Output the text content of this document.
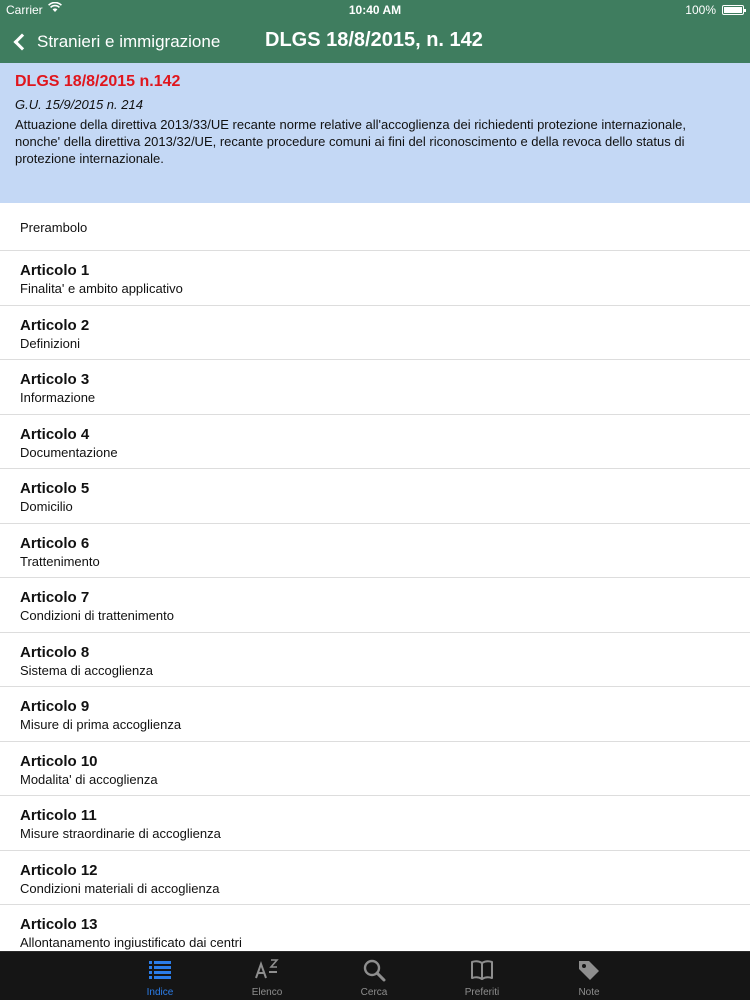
Carrier	10:40 AM	100%
Stranieri e immigrazione DLGS 18/8/2015, n. 142
DLGS 18/8/2015 n.142
G.U. 15/9/2015 n. 214
Attuazione della direttiva 2013/33/UE recante norme relative all'accoglienza dei richiedenti protezione internazionale, nonche' della direttiva 2013/32/UE, recante procedure comuni ai fini del riconoscimento e della revoca dello status di protezione internazionale.
Prerambolo
Articolo 1
Finalita' e ambito applicativo
Articolo 2
Definizioni
Articolo 3
Informazione
Articolo 4
Documentazione
Articolo 5
Domicilio
Articolo 6
Trattenimento
Articolo 7
Condizioni di trattenimento
Articolo 8
Sistema di accoglienza
Articolo 9
Misure di prima accoglienza
Articolo 10
Modalita' di accoglienza
Articolo 11
Misure straordinarie di accoglienza
Articolo 12
Condizioni materiali di accoglienza
Articolo 13
Allontanamento ingiustificato dai centri
Indice	Elenco	Cerca	Preferiti	Note
